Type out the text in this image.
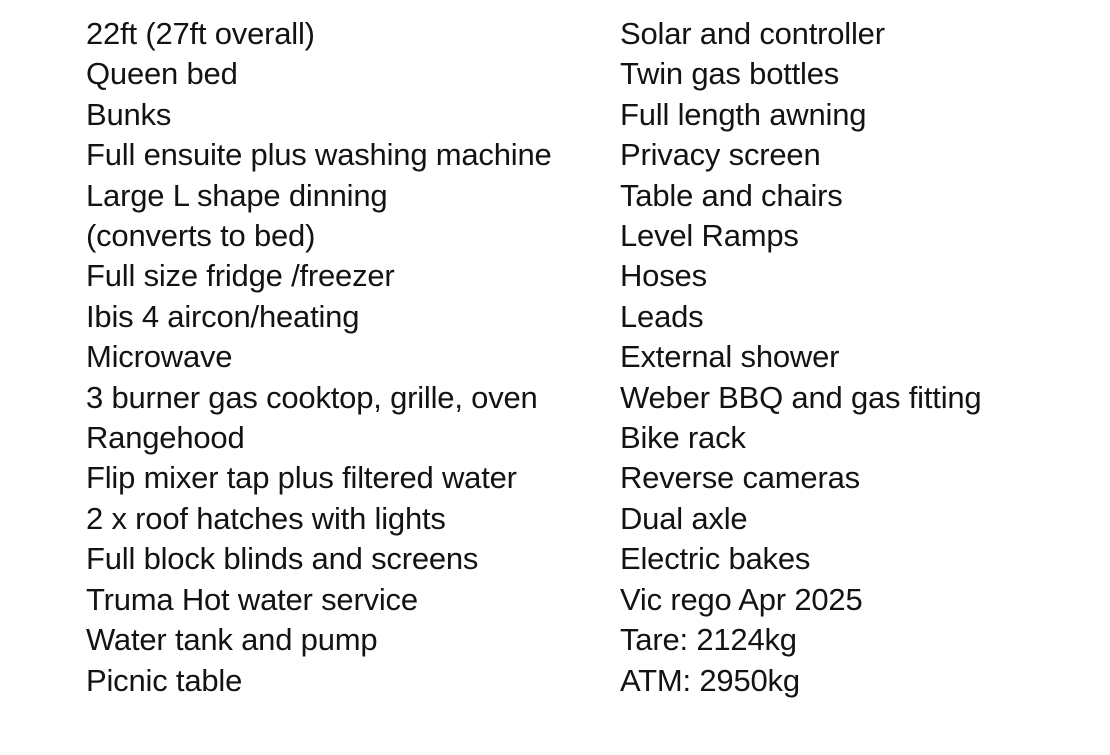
22ft (27ft overall)
Queen bed
Bunks
Full ensuite plus washing machine
Large L shape dinning
(converts to bed)
Full size fridge /freezer
Ibis 4 aircon/heating
Microwave
3 burner gas cooktop, grille, oven
Rangehood
Flip mixer tap plus filtered water
2 x roof hatches with lights
Full block blinds and screens
Truma Hot water service
Water tank and pump
Picnic table
Solar and controller
Twin gas bottles
Full length awning
Privacy screen
Table and chairs
Level Ramps
Hoses
Leads
External shower
Weber BBQ and gas fitting
Bike rack
Reverse cameras
Dual axle
Electric bakes
Vic rego Apr 2025
Tare: 2124kg
ATM: 2950kg
